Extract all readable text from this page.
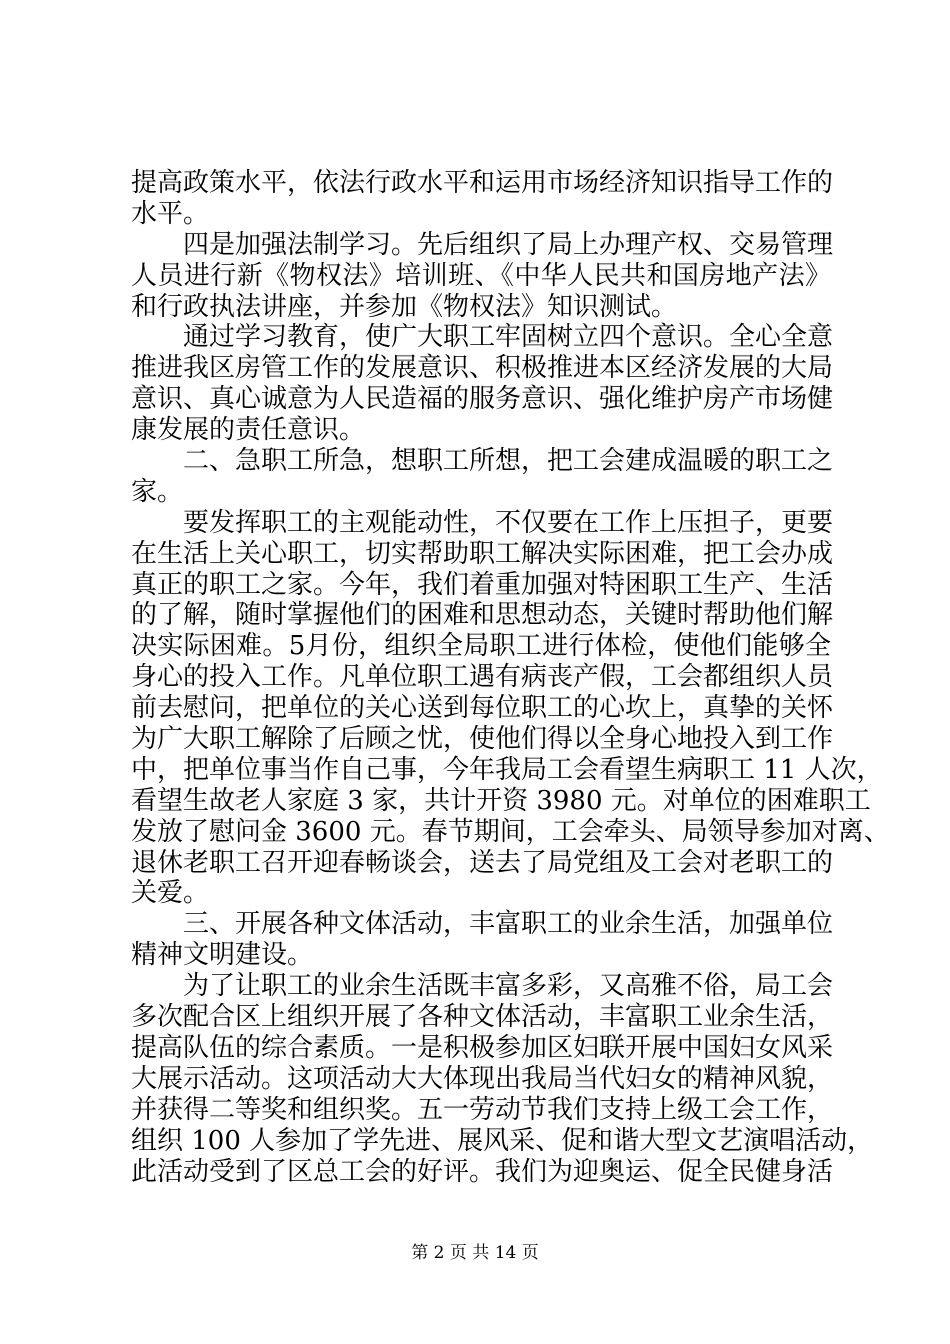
提高政策水平，依法行政水平和运用市场经济知识指导工作的
水平。
四是加强法制学习。先后组织了局上办理产权、交易管理
人员进行新《物权法》培训班、《中华人民共和国房地产法》
和行政执法讲座，并参加《物权法》知识测试。
通过学习教育，使广大职工牢固树立四个意识。全心全意
推进我区房管工作的发展意识、积极推进本区经济发展的大局
意识、真心诚意为人民造福的服务意识、强化维护房产市场健
康发展的责任意识。
二、急职工所急，想职工所想，把工会建成温暖的职工之
家。
要发挥职工的主观能动性，不仅要在工作上压担子，更要
在生活上关心职工，切实帮助职工解决实际困难，把工会办成
真正的职工之家。今年，我们着重加强对特困职工生产、生活
的了解，随时掌握他们的困难和思想动态，关键时帮助他们解
决实际困难。5月份，组织全局职工进行体检，使他们能够全
身心的投入工作。凡单位职工遇有病丧产假，工会都组织人员
前去慰问，把单位的关心送到每位职工的心坎上，真挚的关怀
为广大职工解除了后顾之忧，使他们得以全身心地投入到工作
中，把单位事当作自己事，今年我局工会看望生病职工 11 人次，
看望生故老人家庭 3 家，共计开资 3980 元。对单位的困难职工
发放了慰问金 3600 元。春节期间，工会牵头、局领导参加对离、
退休老职工召开迎春畅谈会，送去了局党组及工会对老职工的
关爱。
三、开展各种文体活动，丰富职工的业余生活，加强单位
精神文明建设。
为了让职工的业余生活既丰富多彩，又高雅不俗，局工会
多次配合区上组织开展了各种文体活动，丰富职工业余生活，
提高队伍的综合素质。一是积极参加区妇联开展中国妇女风采
大展示活动。这项活动大大体现出我局当代妇女的精神风貌，
并获得二等奖和组织奖。五一劳动节我们支持上级工会工作，
组织 100 人参加了学先进、展风采、促和谐大型文艺演唱活动，
此活动受到了区总工会的好评。我们为迎奥运、促全民健身活
第 2 页 共 14 页
